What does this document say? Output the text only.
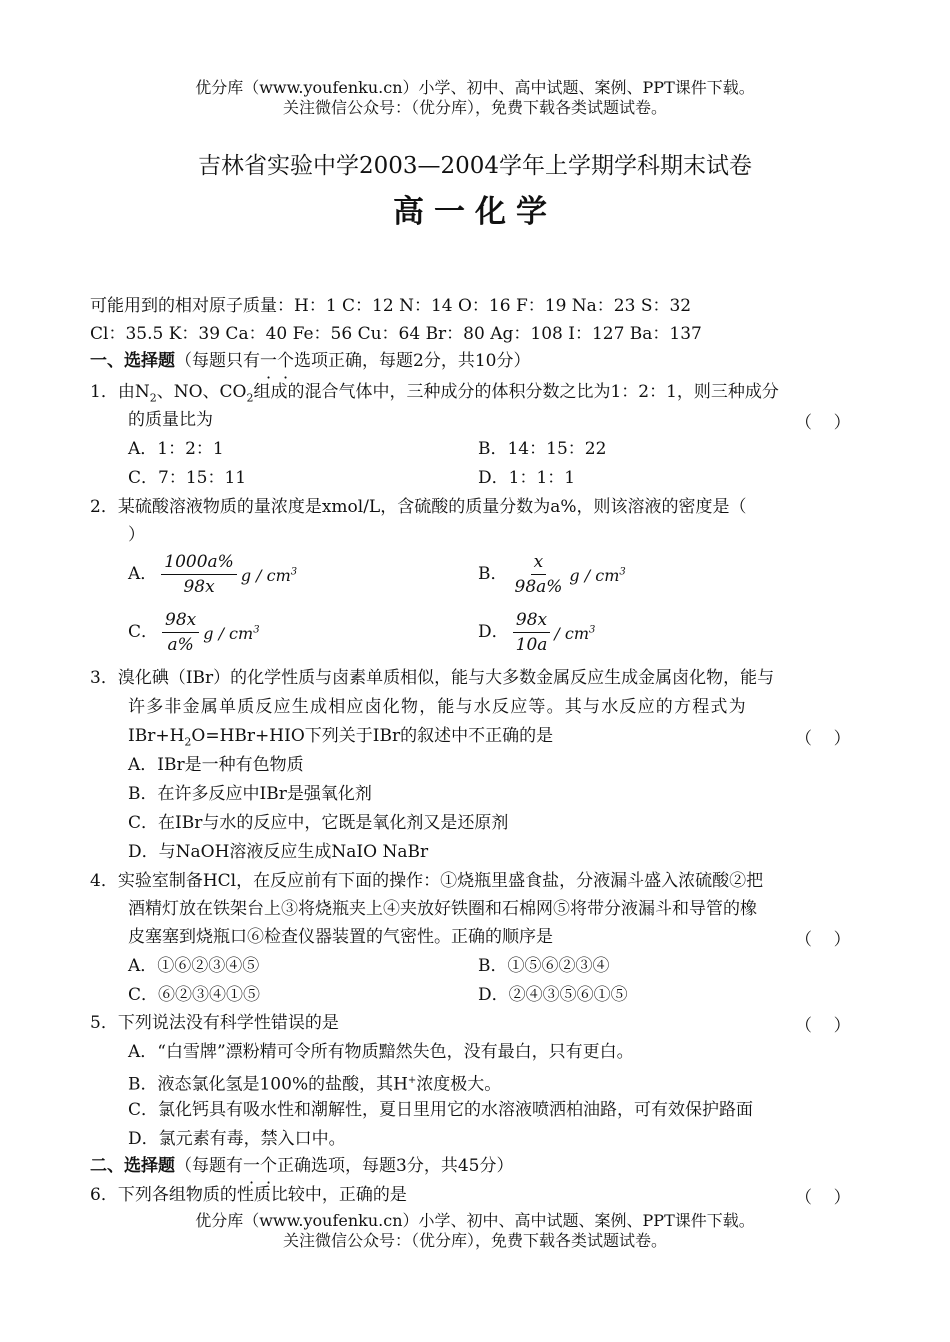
优分库（www.youfenku.cn）小学、初中、高中试题、案例、PPT课件下载。
关注微信公众号：（优分库），免费下载各类试题试卷。
吉林省实验中学2003—2004学年上学期学科期末试卷
高一化学
可能用到的相对原子质量：H：1 C：12 N：14 O：16 F：19 Na：23 S：32
Cl：35.5 K：39 Ca：40 Fe：56 Cu：64 Br：80 Ag：108 I：127 Ba：137
一、选择题（每题只有一个选项正确，每题2分，共10分）
1．由$N_2$、NO、$CO_2$组成的混合气体中，三种成分的体积分数之比为1：2：1，则三种成分
的质量比为	（    ）
A．1：2：1	B．14：15：22
C．7：15：11	D．1：1：1
2．某硫酸溶液物质的量浓度是xmol/L，含硫酸的质量分数为a%，则该溶液的密度是（
）
A． $\frac{1000a\%}{98x}$ g / $cm^3$	B． $\frac{x}{98a\%}$ g / $cm^3$
C． $\frac{98x}{a\%}$ g / $cm^3$	D． $\frac{98x}{10a} / cm^3$
3．溴化碘（IBr）的化学性质与卤素单质相似，能与大多数金属反应生成金属卤化物，能与
许多非金属单质反应生成相应卤化物，能与水反应等。其与水反应的方程式为
$IBr+H_2O=HBr+HIO$下列关于IBr的叙述中不正确的是	（    ）
A．IBr是一种有色物质
B．在许多反应中IBr是强氧化剂
C．在IBr与水的反应中，它既是氧化剂又是还原剂
D．与NaOH溶液反应生成NaIO NaBr
4．实验室制备HCl，在反应前有下面的操作：①烧瓶里盛食盐，分液漏斗盛入浓硫酸②把
酒精灯放在铁架台上③将烧瓶夹上④夹放好铁圈和石棉网⑤将带分液漏斗和导管的橡
皮塞塞到烧瓶口⑥检查仪器装置的气密性。正确的顺序是	（    ）
A．①⑥②③④⑤	B．①⑤⑥②③④
C．⑥②③④①⑤	D．②④③⑤⑥①⑤
5．下列说法没有科学性错误的是	（    ）
A．“白雪牌”漂粉精可令所有物质黯然失色，没有最白，只有更白。
B．液态氯化氢是100%的盐酸，其H+浓度极大。
C．氯化钙具有吸水性和潮解性，夏日里用它的水溶液喷洒柏油路，可有效保护路面
D．氯元素有毒，禁入口中。
二、选择题（每题有一个正确选项，每题3分，共45分）
6．下列各组物质的性质比较中，正确的是	（    ）
优分库（www.youfenku.cn）小学、初中、高中试题、案例、PPT课件下载。
关注微信公众号：（优分库），免费下载各类试题试卷。
